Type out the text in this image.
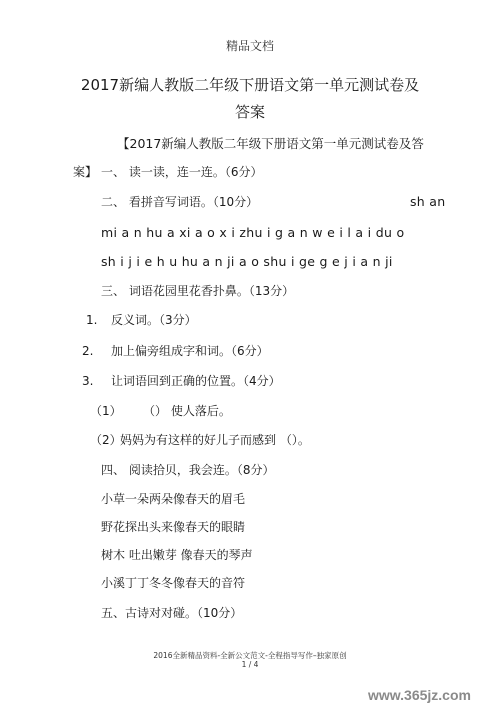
精品文档
2017新编人教版二年级下册语文第一单元测试卷及
答案
【2017新编人教版二年级下册语文第一单元测试卷及答
案】 一、 读一读，连一连。（6分）
二、 看拼音写词语。（10分）	sh an
mi a n hu a xi a o x i zhu i g a n w e i l a i du o
sh i j i e h u hu a n ji a o shu i ge g e j i a n ji
三、 词语花园里花香扑鼻。（13分）
1. 反义词。（3分）
2. 加上偏旁组成字和词。（6分）
3. 让词语回到正确的位置。（4分）
（1） （） 使人落后。
（2）
妈妈为有这样的好儿子而感到 （）。
四、 阅读拾贝，我会连。（8分）
小草一朵两朵像春天的眉毛
野花探出头来像春天的眼睛
树木 吐出嫩芽 像春天的琴声
小溪丁丁冬冬像春天的音符
五、古诗对对碰。（10分）
2016全新精品资料-全新公文范文-全程指导写作–独家原创
1 / 4
www.365jz.com
